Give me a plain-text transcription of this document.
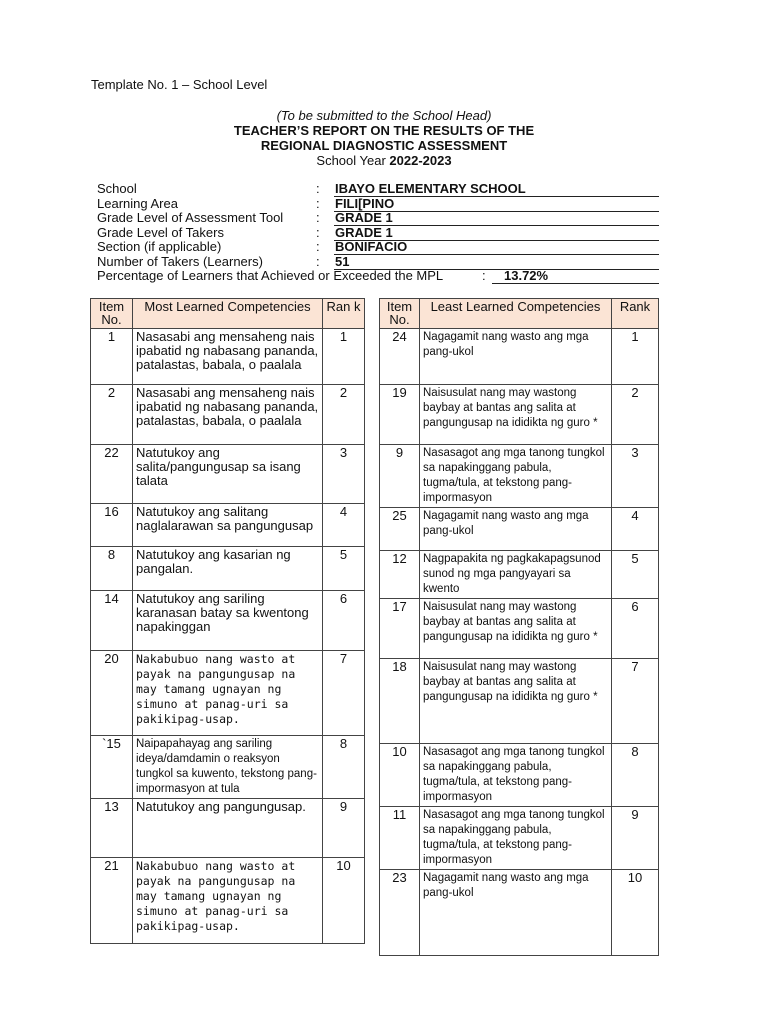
Template No. 1 – School Level
(To be submitted to the School Head)
TEACHER’S REPORT ON THE RESULTS OF THE
REGIONAL DIAGNOSTIC ASSESSMENT
School Year 2022-2023
School	: IBAYO ELEMENTARY SCHOOL
Learning Area	: FILI[PINO
Grade Level of Assessment Tool	: GRADE 1
Grade Level of Takers	: GRADE 1
Section (if applicable)	: BONIFACIO
Number of Takers (Learners)	: 51
Percentage of Learners that Achieved or Exceeded the MPL	:	13.72%
Item No.	Most Learned Competencies	Ran k
1	Nasasabi ang mensaheng nais ipabatid ng nabasang pananda, patalastas, babala, o paalala	1
2	Nasasabi ang mensaheng nais ipabatid ng nabasang pananda, patalastas, babala, o paalala	2
22	Natutukoy ang salita/pangungusap sa isang talata	3
16	Natutukoy ang salitang naglalarawan sa pangungusap	4
8	Natutukoy ang kasarian ng pangalan.	5
14	Natutukoy ang sariling karanasan batay sa kwentong napakinggan	6
20	Nakabubuo nang wasto at payak na pangungusap na may tamang ugnayan ng simuno at panag-uri sa pakikipag-usap.	7
`15	Naipapahayag ang sariling ideya/damdamin o reaksyon tungkol sa kuwento, tekstong pang-impormasyon at tula	8
13	Natutukoy ang pangungusap.	9
21	Nakabubuo nang wasto at payak na pangungusap na may tamang ugnayan ng simuno at panag-uri sa pakikipag-usap.	10
Item No.	Least Learned Competencies	Rank
24	Nagagamit nang wasto ang mga pang-ukol	1
19	Naisusulat nang may wastong baybay at bantas ang salita at pangungusap na ididikta ng guro *	2
9	Nasasagot ang mga tanong tungkol sa napakinggang pabula, tugma/tula, at tekstong pang-impormasyon	3
25	Nagagamit nang wasto ang mga pang-ukol	4
12	Nagpapakita ng pagkakapagsunod sunod ng mga pangyayari sa kwento	5
17	Naisusulat nang may wastong baybay at bantas ang salita at pangungusap na ididikta ng guro *	6
18	Naisusulat nang may wastong baybay at bantas ang salita at pangungusap na ididikta ng guro *	7
10	Nasasagot ang mga tanong tungkol sa napakinggang pabula, tugma/tula, at tekstong pang-impormasyon	8
11	Nasasagot ang mga tanong tungkol sa napakinggang pabula, tugma/tula, at tekstong pang-impormasyon	9
23	Nagagamit nang wasto ang mga pang-ukol	10
